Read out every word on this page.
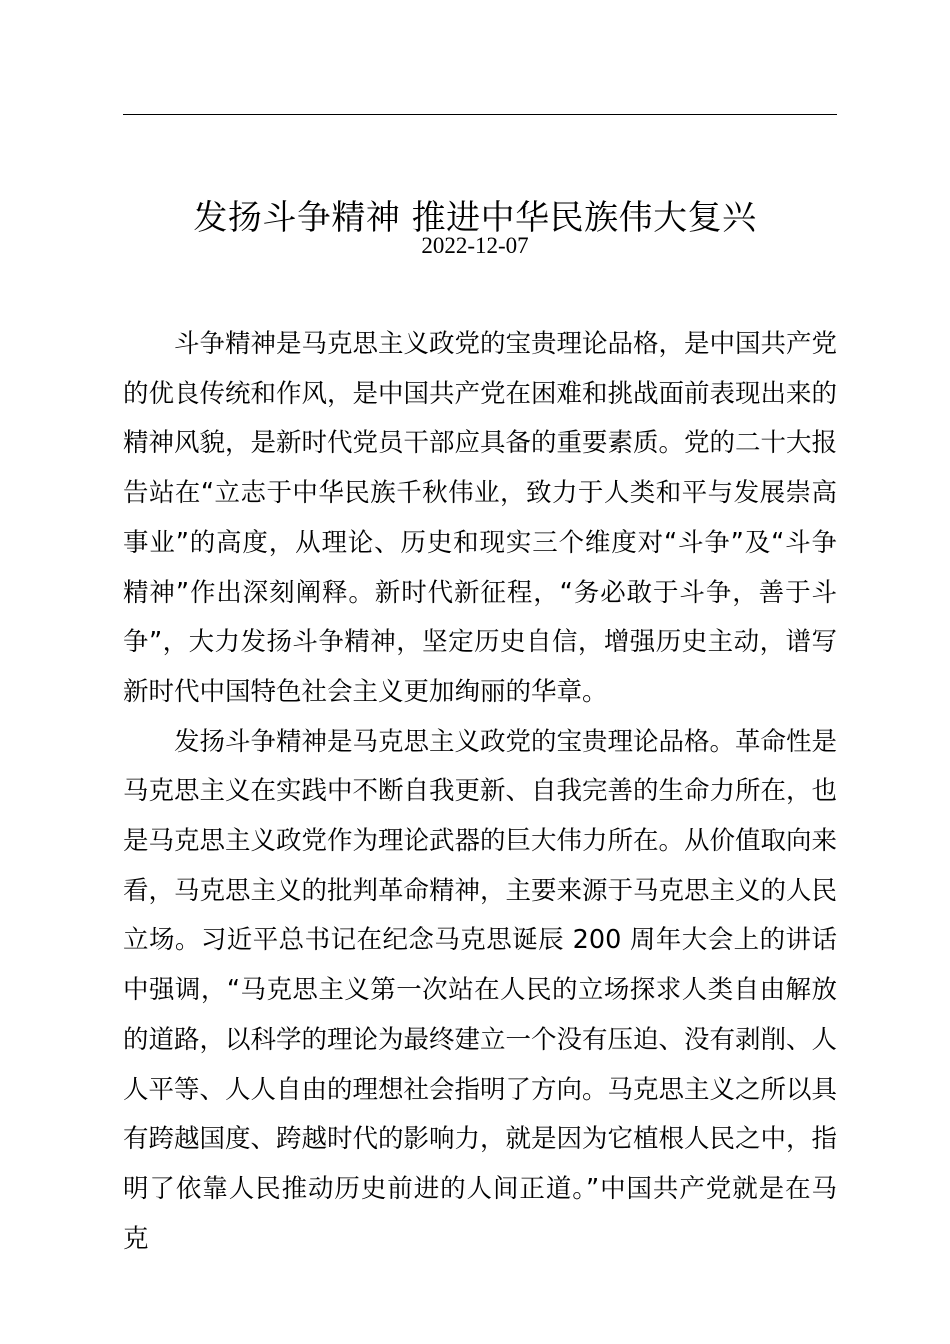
发扬斗争精神 推进中华民族伟大复兴
2022-12-07

斗争精神是马克思主义政党的宝贵理论品格，是中国共产党的优良传统和作风，是中国共产党在困难和挑战面前表现出来的精神风貌，是新时代党员干部应具备的重要素质。党的二十大报告站在“立志于中华民族千秋伟业，致力于人类和平与发展崇高事业”的高度，从理论、历史和现实三个维度对“斗争”及“斗争精神”作出深刻阐释。新时代新征程，“务必敢于斗争，善于斗争”，大力发扬斗争精神，坚定历史自信，增强历史主动，谱写新时代中国特色社会主义更加绚丽的华章。

发扬斗争精神是马克思主义政党的宝贵理论品格。革命性是马克思主义在实践中不断自我更新、自我完善的生命力所在，也是马克思主义政党作为理论武器的巨大伟力所在。从价值取向来看，马克思主义的批判革命精神，主要来源于马克思主义的人民立场。习近平总书记在纪念马克思诞辰 200 周年大会上的讲话中强调，“马克思主义第一次站在人民的立场探求人类自由解放的道路，以科学的理论为最终建立一个没有压迫、没有剥削、人人平等、人人自由的理想社会指明了方向。马克思主义之所以具有跨越国度、跨越时代的影响力，就是因为它植根人民之中，指明了依靠人民推动历史前进的人间正道。”中国共产党就是在马克
